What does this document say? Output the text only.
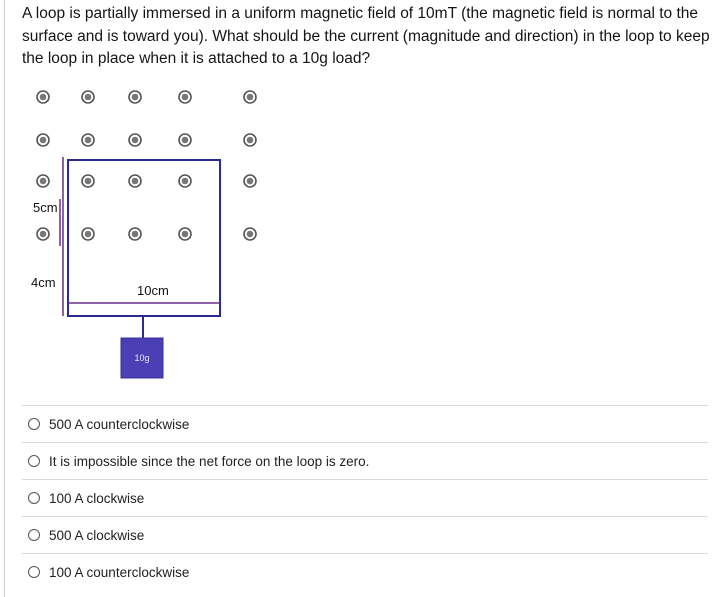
A loop is partially immersed in a uniform magnetic field of 10mT (the magnetic field is normal to the surface and is toward you). What should be the current (magnitude and direction) in the loop to keep the loop in place when it is attached to a 10g load?
5cm
4cm
10cm
10g
500 A counterclockwise
It is impossible since the net force on the loop is zero.
100 A clockwise
500 A clockwise
100 A counterclockwise
